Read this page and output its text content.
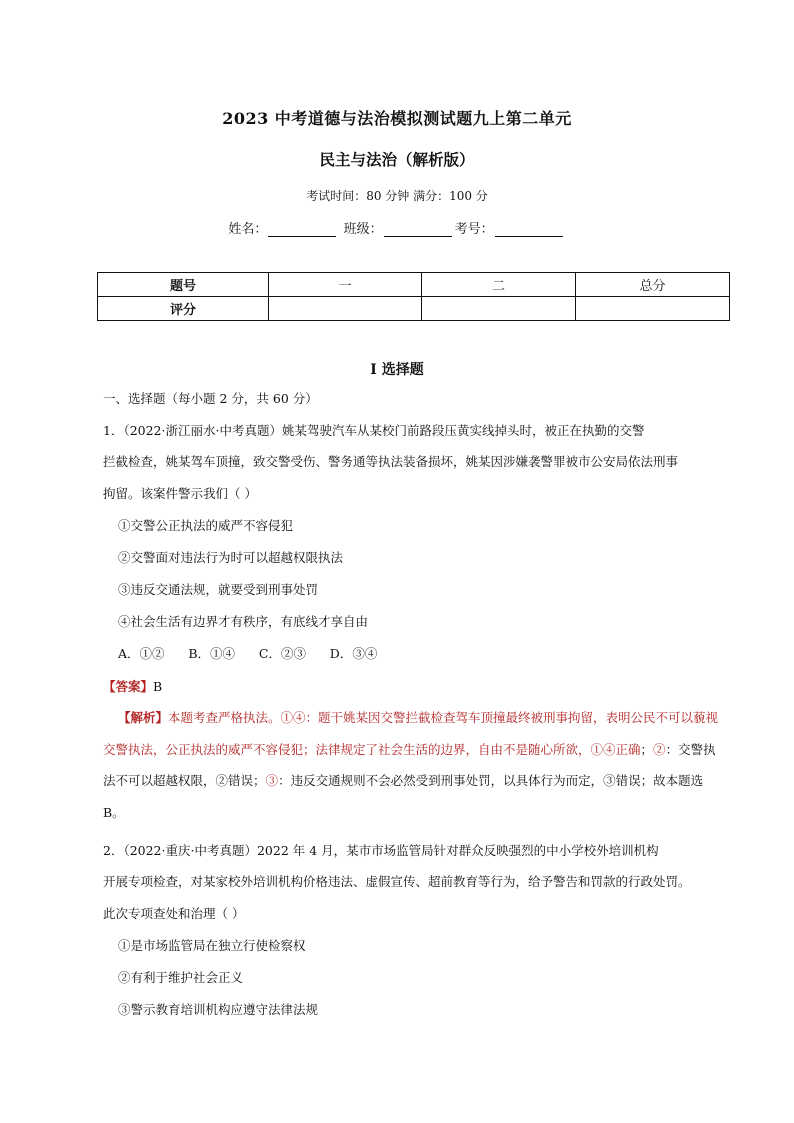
2023 中考道德与法治模拟测试题九上第二单元
民主与法治（解析版）
考试时间：80 分钟 满分：100 分
姓名：	班级：	考号：
题号	一	二	总分
评分			
I 选择题
一、选择题（每小题 2 分，共 60 分）
1．（2022·浙江丽水·中考真题）姚某驾驶汽车从某校门前路段压黄实线掉头时，被正在执勤的交警
拦截检查，姚某驾车顶撞，致交警受伤、警务通等执法装备损坏，姚某因涉嫌袭警罪被市公安局依法刑事
拘留。该案件警示我们（ ）
①交警公正执法的威严不容侵犯
②交警面对违法行为时可以超越权限执法
③违反交通法规，就要受到刑事处罚
④社会生活有边界才有秩序，有底线才享自由
A．①②      B．①④      C．②③      D．③④
【答案】B
【解析】本题考查严格执法。①④：题干姚某因交警拦截检查驾车顶撞最终被刑事拘留，表明公民不可以藐视交警执法，公正执法的威严不容侵犯；法律规定了社会生活的边界，自由不是随心所欲，①④正确；②：交警执法不可以超越权限，②错误；③：违反交通规则不会必然受到刑事处罚，以具体行为而定，③错误；故本题选 B。
2．（2022·重庆·中考真题）2022 年 4 月，某市市场监管局针对群众反映强烈的中小学校外培训机构
开展专项检查，对某家校外培训机构价格违法、虚假宣传、超前教育等行为，给予警告和罚款的行政处罚。
此次专项查处和治理（ ）
①是市场监管局在独立行使检察权
②有利于维护社会正义
③警示教育培训机构应遵守法律法规
